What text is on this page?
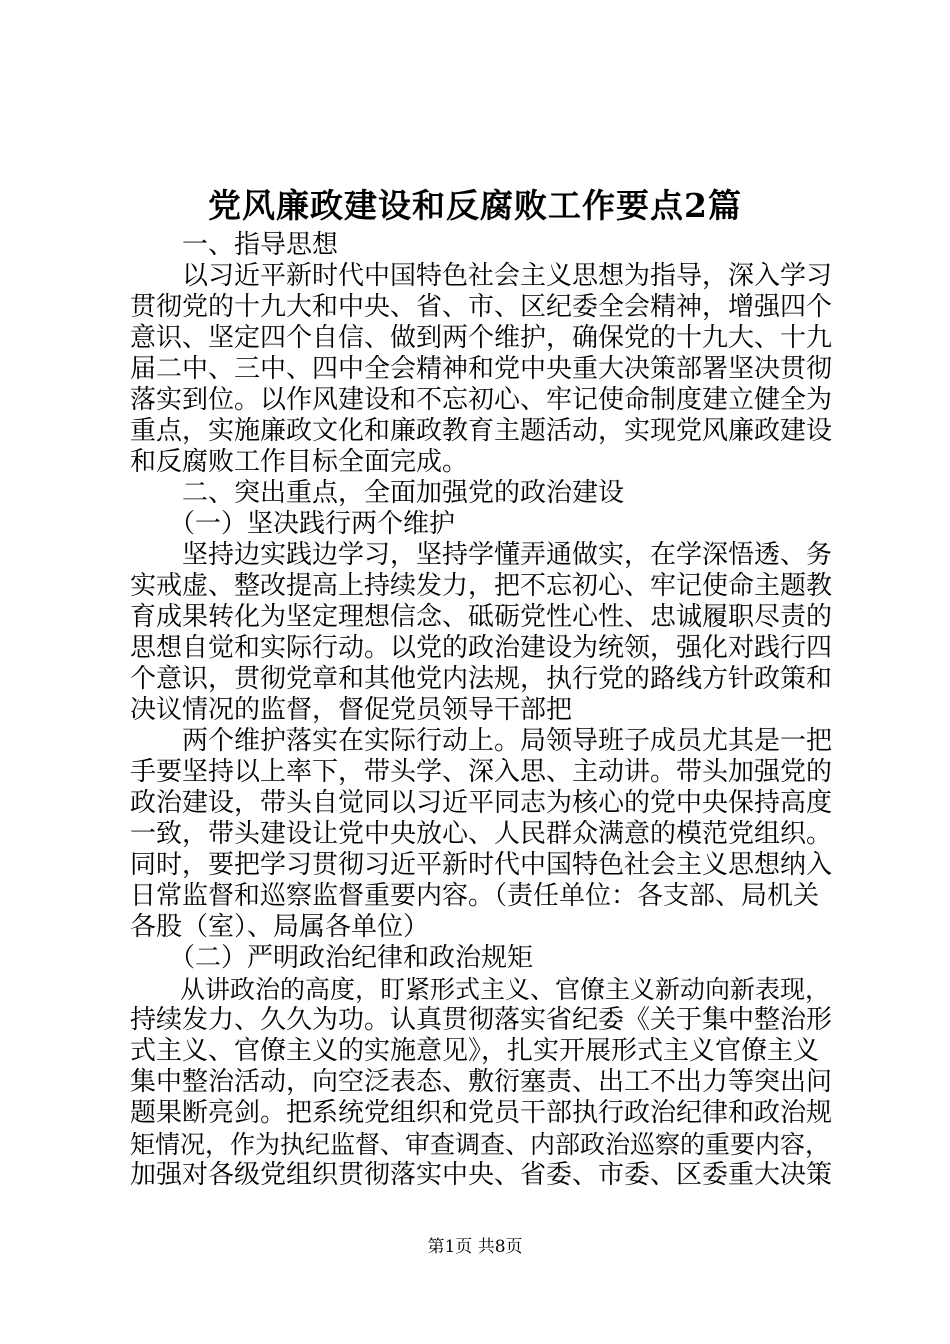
党风廉政建设和反腐败工作要点2篇
　　一、指导思想
　　以习近平新时代中国特色社会主义思想为指导，深入学习
贯彻党的十九大和中央、省、市、区纪委全会精神，增强四个
意识、坚定四个自信、做到两个维护，确保党的十九大、十九
届二中、三中、四中全会精神和党中央重大决策部署坚决贯彻
落实到位。以作风建设和不忘初心、牢记使命制度建立健全为
重点，实施廉政文化和廉政教育主题活动，实现党风廉政建设
和反腐败工作目标全面完成。
　　二、突出重点，全面加强党的政治建设
　　（一）坚决践行两个维护
　　坚持边实践边学习，坚持学懂弄通做实，在学深悟透、务
实戒虚、整改提高上持续发力，把不忘初心、牢记使命主题教
育成果转化为坚定理想信念、砥砺党性心性、忠诚履职尽责的
思想自觉和实际行动。以党的政治建设为统领，强化对践行四
个意识，贯彻党章和其他党内法规，执行党的路线方针政策和
决议情况的监督，督促党员领导干部把
　　两个维护落实在实际行动上。局领导班子成员尤其是一把
手要坚持以上率下，带头学、深入思、主动讲。带头加强党的
政治建设，带头自觉同以习近平同志为核心的党中央保持高度
一致，带头建设让党中央放心、人民群众满意的模范党组织。
同时，要把学习贯彻习近平新时代中国特色社会主义思想纳入
日常监督和巡察监督重要内容。（责任单位：各支部、局机关
各股（室）、局属各单位）
　　（二）严明政治纪律和政治规矩
　　从讲政治的高度，盯紧形式主义、官僚主义新动向新表现，
持续发力、久久为功。认真贯彻落实省纪委《关于集中整治形
式主义、官僚主义的实施意见》，扎实开展形式主义官僚主义
集中整治活动，向空泛表态、敷衍塞责、出工不出力等突出问
题果断亮剑。把系统党组织和党员干部执行政治纪律和政治规
矩情况，作为执纪监督、审查调查、内部政治巡察的重要内容，
加强对各级党组织贯彻落实中央、省委、市委、区委重大决策
第1页 共8页
